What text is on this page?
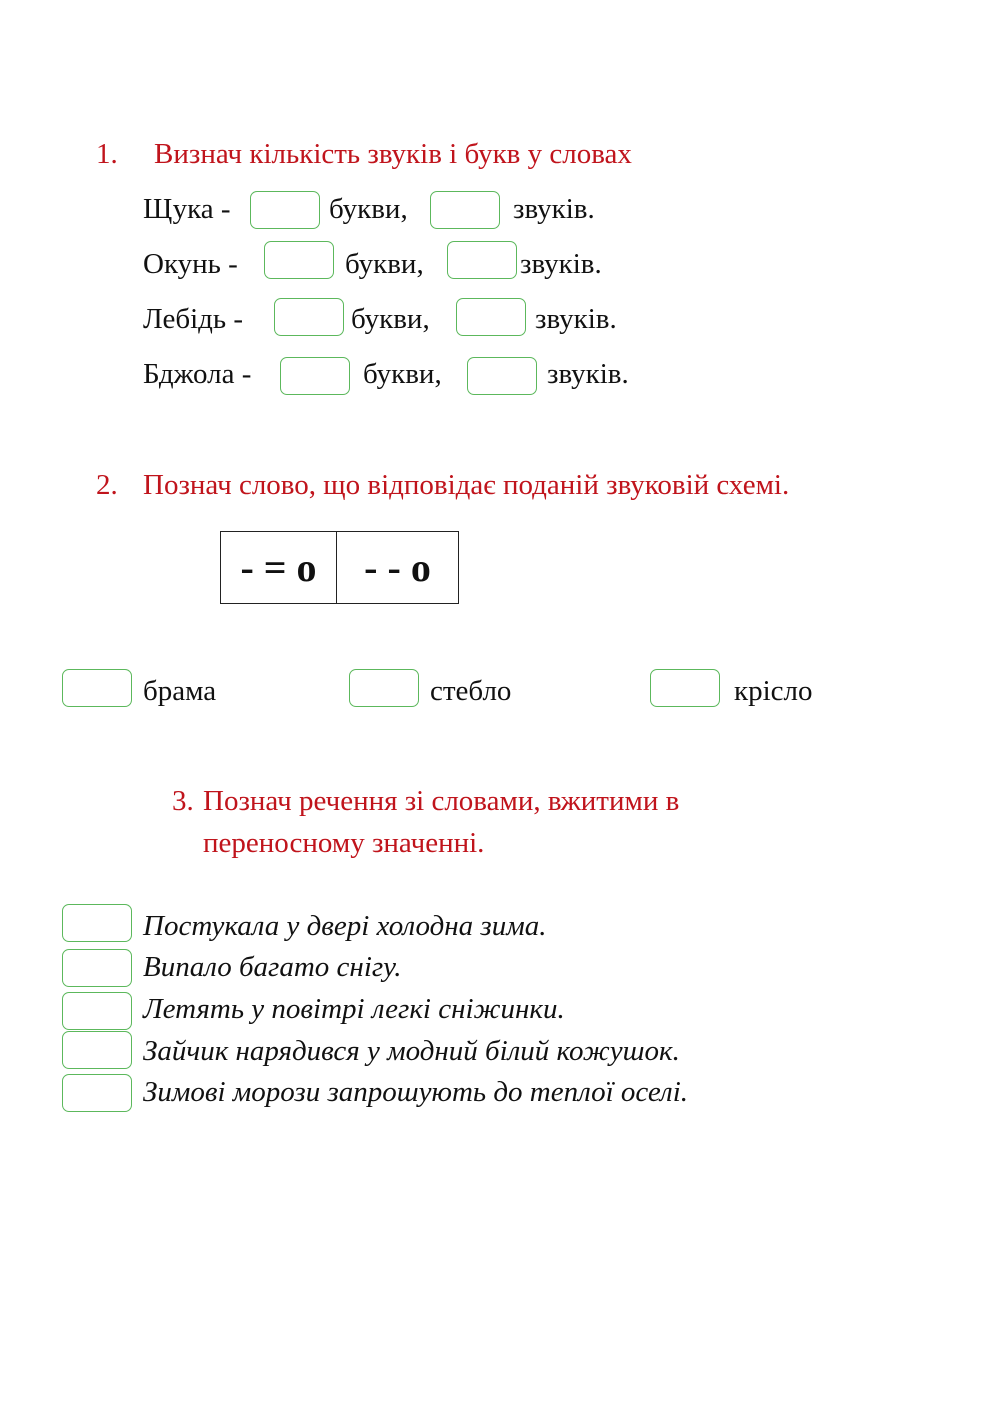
1. Визнач кількість звуків і букв у словах
Щука -	букви,	звуків.
Окунь -	букви,	звуків.
Лебідь -	букви,	звуків.
Бджола -	букви,	звуків.
2. Познач слово, що відповідає поданій звуковій схемі.
- = о	- - о
брама	стебло	крісло
3. Познач речення зі словами, вжитими в
переносному значенні.
Постукала у двері холодна зима.
Випало багато снігу.
Летять у повітрі легкі сніжинки.
Зайчик нарядився у модний білий кожушок.
Зимові морози запрошують до теплої оселі.
